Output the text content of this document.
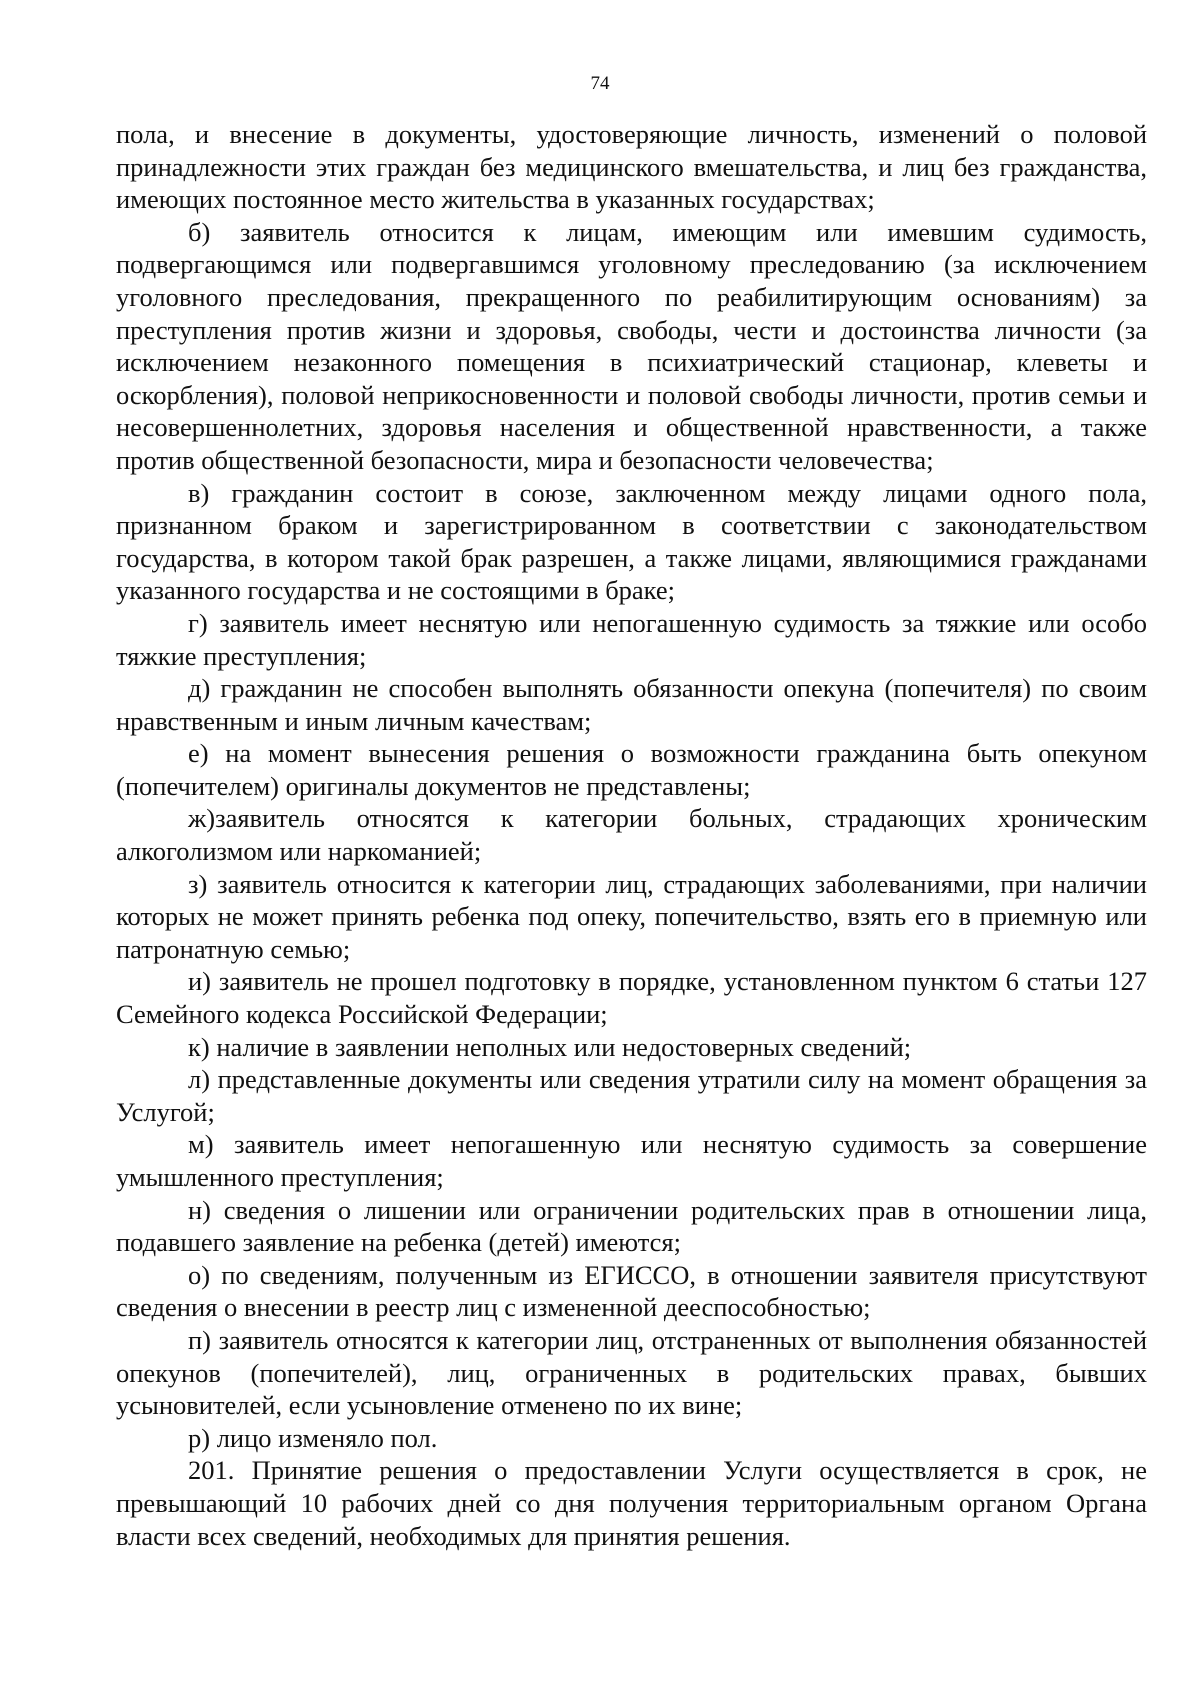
74

пола, и внесение в документы, удостоверяющие личность, изменений о половой принадлежности этих граждан без медицинского вмешательства, и лиц без гражданства, имеющих постоянное место жительства в указанных государствах;

б) заявитель относится к лицам, имеющим или имевшим судимость, подвергающимся или подвергавшимся уголовному преследованию (за исключением уголовного преследования, прекращенного по реабилитирующим основаниям) за преступления против жизни и здоровья, свободы, чести и достоинства личности (за исключением незаконного помещения в психиатрический стационар, клеветы и оскорбления), половой неприкосновенности и половой свободы личности, против семьи и несовершеннолетних, здоровья населения и общественной нравственности, а также против общественной безопасности, мира и безопасности человечества;

в) гражданин состоит в союзе, заключенном между лицами одного пола, признанном браком и зарегистрированном в соответствии с законодательством государства, в котором такой брак разрешен, а также лицами, являющимися гражданами указанного государства и не состоящими в браке;

г) заявитель имеет неснятую или непогашенную судимость за тяжкие или особо тяжкие преступления;

д) гражданин не способен выполнять обязанности опекуна (попечителя) по своим нравственным и иным личным качествам;

е) на момент вынесения решения о возможности гражданина быть опекуном (попечителем) оригиналы документов не представлены;

ж)заявитель относятся к категории больных, страдающих хроническим алкоголизмом или наркоманией;

з) заявитель относится к категории лиц, страдающих заболеваниями, при наличии которых не может принять ребенка под опеку, попечительство, взять его в приемную или патронатную семью;

и) заявитель не прошел подготовку в порядке, установленном пунктом 6 статьи 127 Семейного кодекса Российской Федерации;

к) наличие в заявлении неполных или недостоверных сведений;

л) представленные документы или сведения утратили силу на момент обращения за Услугой;

м) заявитель имеет непогашенную или неснятую судимость за совершение умышленного преступления;

н) сведения о лишении или ограничении родительских прав в отношении лица, подавшего заявление на ребенка (детей) имеются;

о) по сведениям, полученным из ЕГИССО, в отношении заявителя присутствуют сведения о внесении в реестр лиц с измененной дееспособностью;

п) заявитель относятся к категории лиц, отстраненных от выполнения обязанностей опекунов (попечителей), лиц, ограниченных в родительских правах, бывших усыновителей, если усыновление отменено по их вине;

р) лицо изменяло пол.

201. Принятие решения о предоставлении Услуги осуществляется в срок, не превышающий 10 рабочих дней со дня получения территориальным органом Органа власти всех сведений, необходимых для принятия решения.
